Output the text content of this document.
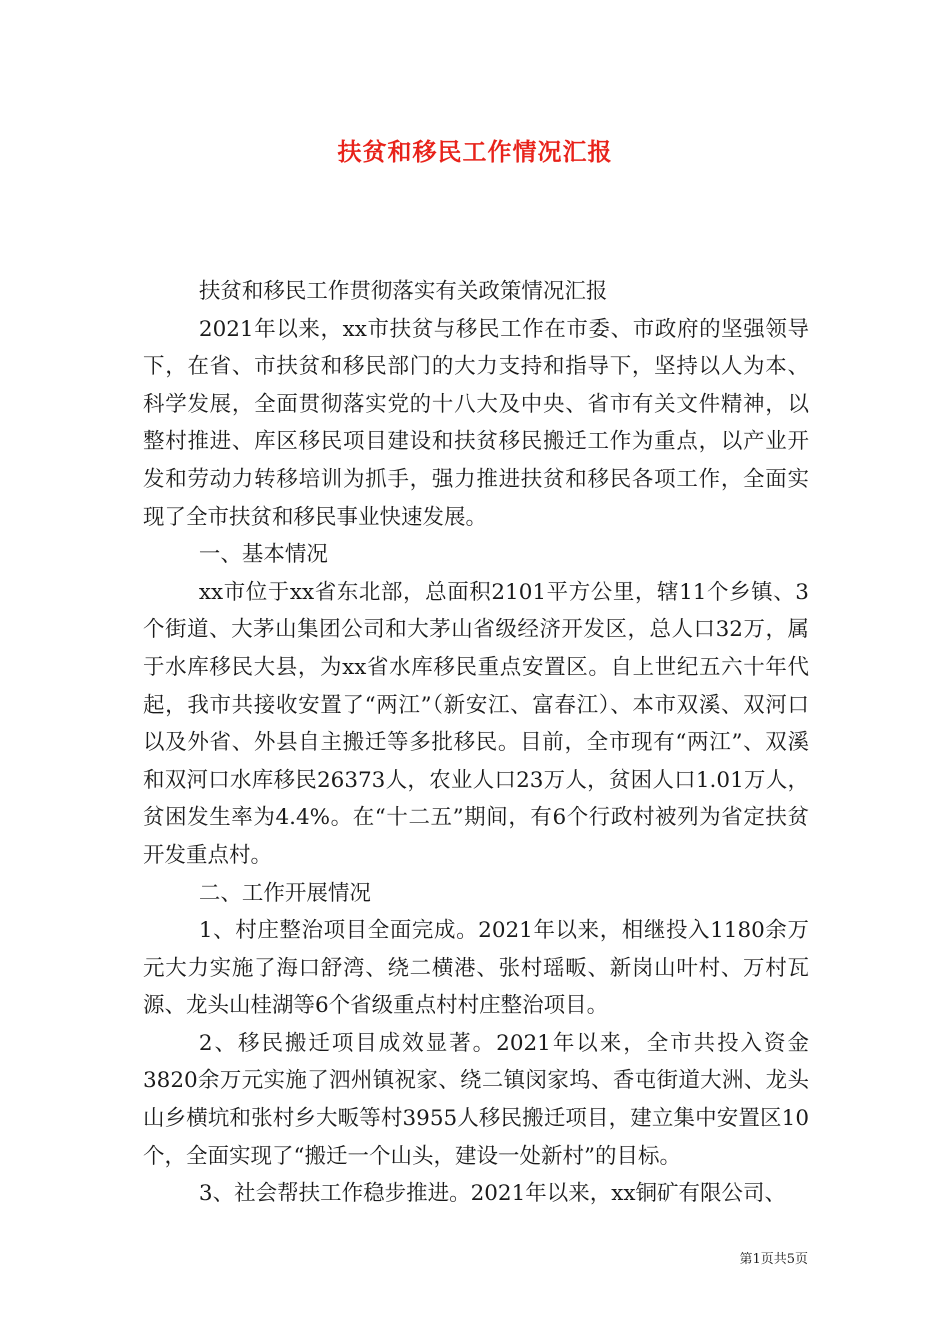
扶贫和移民工作情况汇报

扶贫和移民工作贯彻落实有关政策情况汇报

2021年以来，xx市扶贫与移民工作在市委、市政府的坚强领导下，在省、市扶贫和移民部门的大力支持和指导下，坚持以人为本、科学发展，全面贯彻落实党的十八大及中央、省市有关文件精神，以整村推进、库区移民项目建设和扶贫移民搬迁工作为重点，以产业开发和劳动力转移培训为抓手，强力推进扶贫和移民各项工作，全面实现了全市扶贫和移民事业快速发展。

一、基本情况

xx市位于xx省东北部，总面积2101平方公里，辖11个乡镇、3个街道、大茅山集团公司和大茅山省级经济开发区，总人口32万，属于水库移民大县，为xx省水库移民重点安置区。自上世纪五六十年代起，我市共接收安置了“两江”（新安江、富春江）、本市双溪、双河口以及外省、外县自主搬迁等多批移民。目前，全市现有“两江”、双溪和双河口水库移民26373人，农业人口23万人，贫困人口1.01万人，贫困发生率为4.4%。在“十二五”期间，有6个行政村被列为省定扶贫开发重点村。

二、工作开展情况

1、村庄整治项目全面完成。2021年以来，相继投入1180余万元大力实施了海口舒湾、绕二横港、张村瑶畈、新岗山叶村、万村瓦源、龙头山桂湖等6个省级重点村村庄整治项目。

2、移民搬迁项目成效显著。2021年以来，全市共投入资金3820余万元实施了泗州镇祝家、绕二镇闵家坞、香屯街道大洲、龙头山乡横坑和张村乡大畈等村3955人移民搬迁项目，建立集中安置区10个，全面实现了“搬迁一个山头，建设一处新村”的目标。

3、社会帮扶工作稳步推进。2021年以来，xx铜矿有限公司、

第1页共5页
